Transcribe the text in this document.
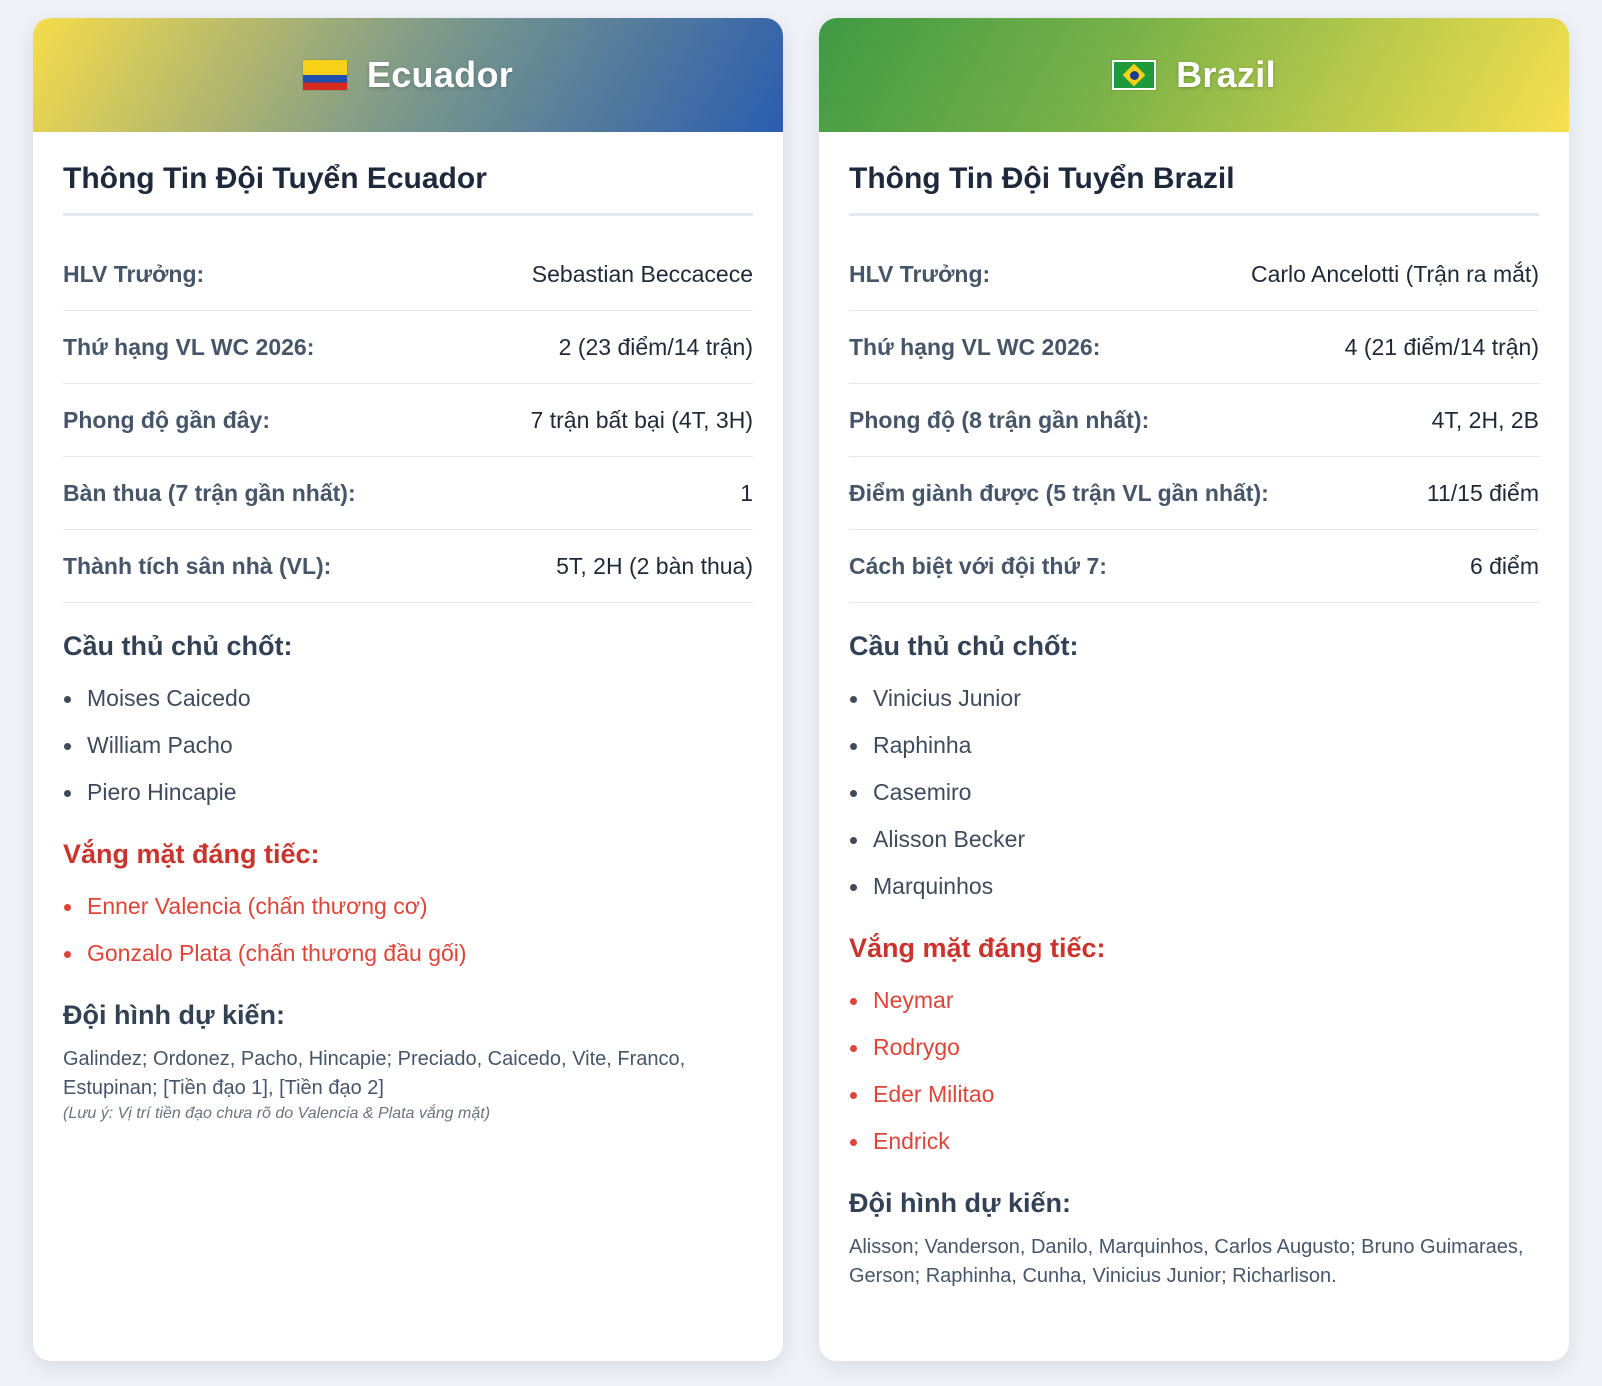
Ecuador
Thông Tin Đội Tuyển Ecuador
HLV Trưởng:	Sebastian Beccacece
Thứ hạng VL WC 2026:	2 (23 điểm/14 trận)
Phong độ gần đây:	7 trận bất bại (4T, 3H)
Bàn thua (7 trận gần nhất):	1
Thành tích sân nhà (VL):	5T, 2H (2 bàn thua)
Cầu thủ chủ chốt:
Moises Caicedo
William Pacho
Piero Hincapie
Vắng mặt đáng tiếc:
Enner Valencia (chấn thương cơ)
Gonzalo Plata (chấn thương đầu gối)
Đội hình dự kiến:

Galindez; Ordonez, Pacho, Hincapie; Preciado, Caicedo, Vite, Franco, Estupinan; [Tiền đạo 1], [Tiền đạo 2]

(Lưu ý: Vị trí tiền đạo chưa rõ do Valencia & Plata vắng mặt)

Brazil
Thông Tin Đội Tuyển Brazil
HLV Trưởng:	Carlo Ancelotti (Trận ra mắt)
Thứ hạng VL WC 2026:	4 (21 điểm/14 trận)
Phong độ (8 trận gần nhất):	4T, 2H, 2B
Điểm giành được (5 trận VL gần nhất):	11/15 điểm
Cách biệt với đội thứ 7:	6 điểm
Cầu thủ chủ chốt:
Vinicius Junior
Raphinha
Casemiro
Alisson Becker
Marquinhos
Vắng mặt đáng tiếc:
Neymar
Rodrygo
Eder Militao
Endrick
Đội hình dự kiến:

Alisson; Vanderson, Danilo, Marquinhos, Carlos Augusto; Bruno Guimaraes, Gerson; Raphinha, Cunha, Vinicius Junior; Richarlison.
